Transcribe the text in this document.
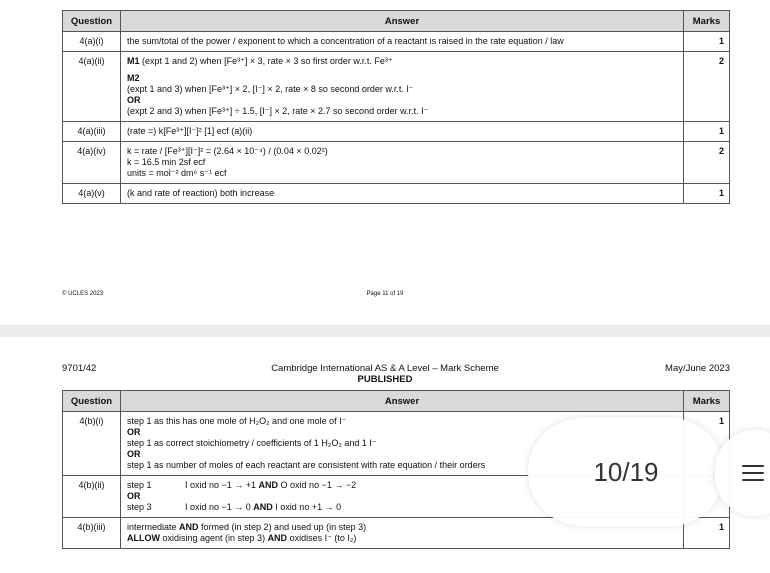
Question	Answer	Marks
4(a)(i)	the sum/total of the power / exponent to which a concentration of a reactant is raised in the rate equation / law	1
4(a)(ii)	M1 (expt 1 and 2) when [Fe³⁺] × 3, rate × 3 so first order w.r.t. Fe³⁺
M2
(expt 1 and 3) when [Fe³⁺] × 2, [I⁻] × 2, rate × 8 so second order w.r.t. I⁻
OR
(expt 2 and 3) when [Fe³⁺] ÷ 1.5, [I⁻] × 2, rate × 2.7 so second order w.r.t. I⁻	2
4(a)(iii)	(rate =) k[Fe³⁺][I⁻]² [1] ecf (a)(ii)	1
4(a)(iv)	k = rate / [Fe³⁺][I⁻]² = (2.64 × 10⁻⁴) / (0.04 × 0.02²)
k = 16.5 min 2sf ecf
units = mol⁻² dm⁶ s⁻¹ ecf	2
4(a)(v)	(k and rate of reaction) both increase	1
© UCLES 2023	Page 11 of 19
9701/42	Cambridge International AS & A Level – Mark Scheme
PUBLISHED
May/June 2023
Question	Answer	Marks
4(b)(i)	step 1 as this has one mole of H₂O₂ and one mole of I⁻
OR
step 1 as correct stoichiometry / coefficients of 1 H₂O₂ and 1 I⁻
OR
step 1 as number of moles of each reactant are consistent with rate equation / their orders	1
4(b)(ii)	step 1 I oxid no −1 → +1 AND O oxid no −1 → −2
OR
step 3 I oxid no −1 → 0 AND I oxid no +1 → 0	

4(b)(iii)	intermediate AND formed (in step 2) and used up (in step 3)
ALLOW oxidising agent (in step 3) AND oxidises I⁻ (to I₂)	1
10/19
